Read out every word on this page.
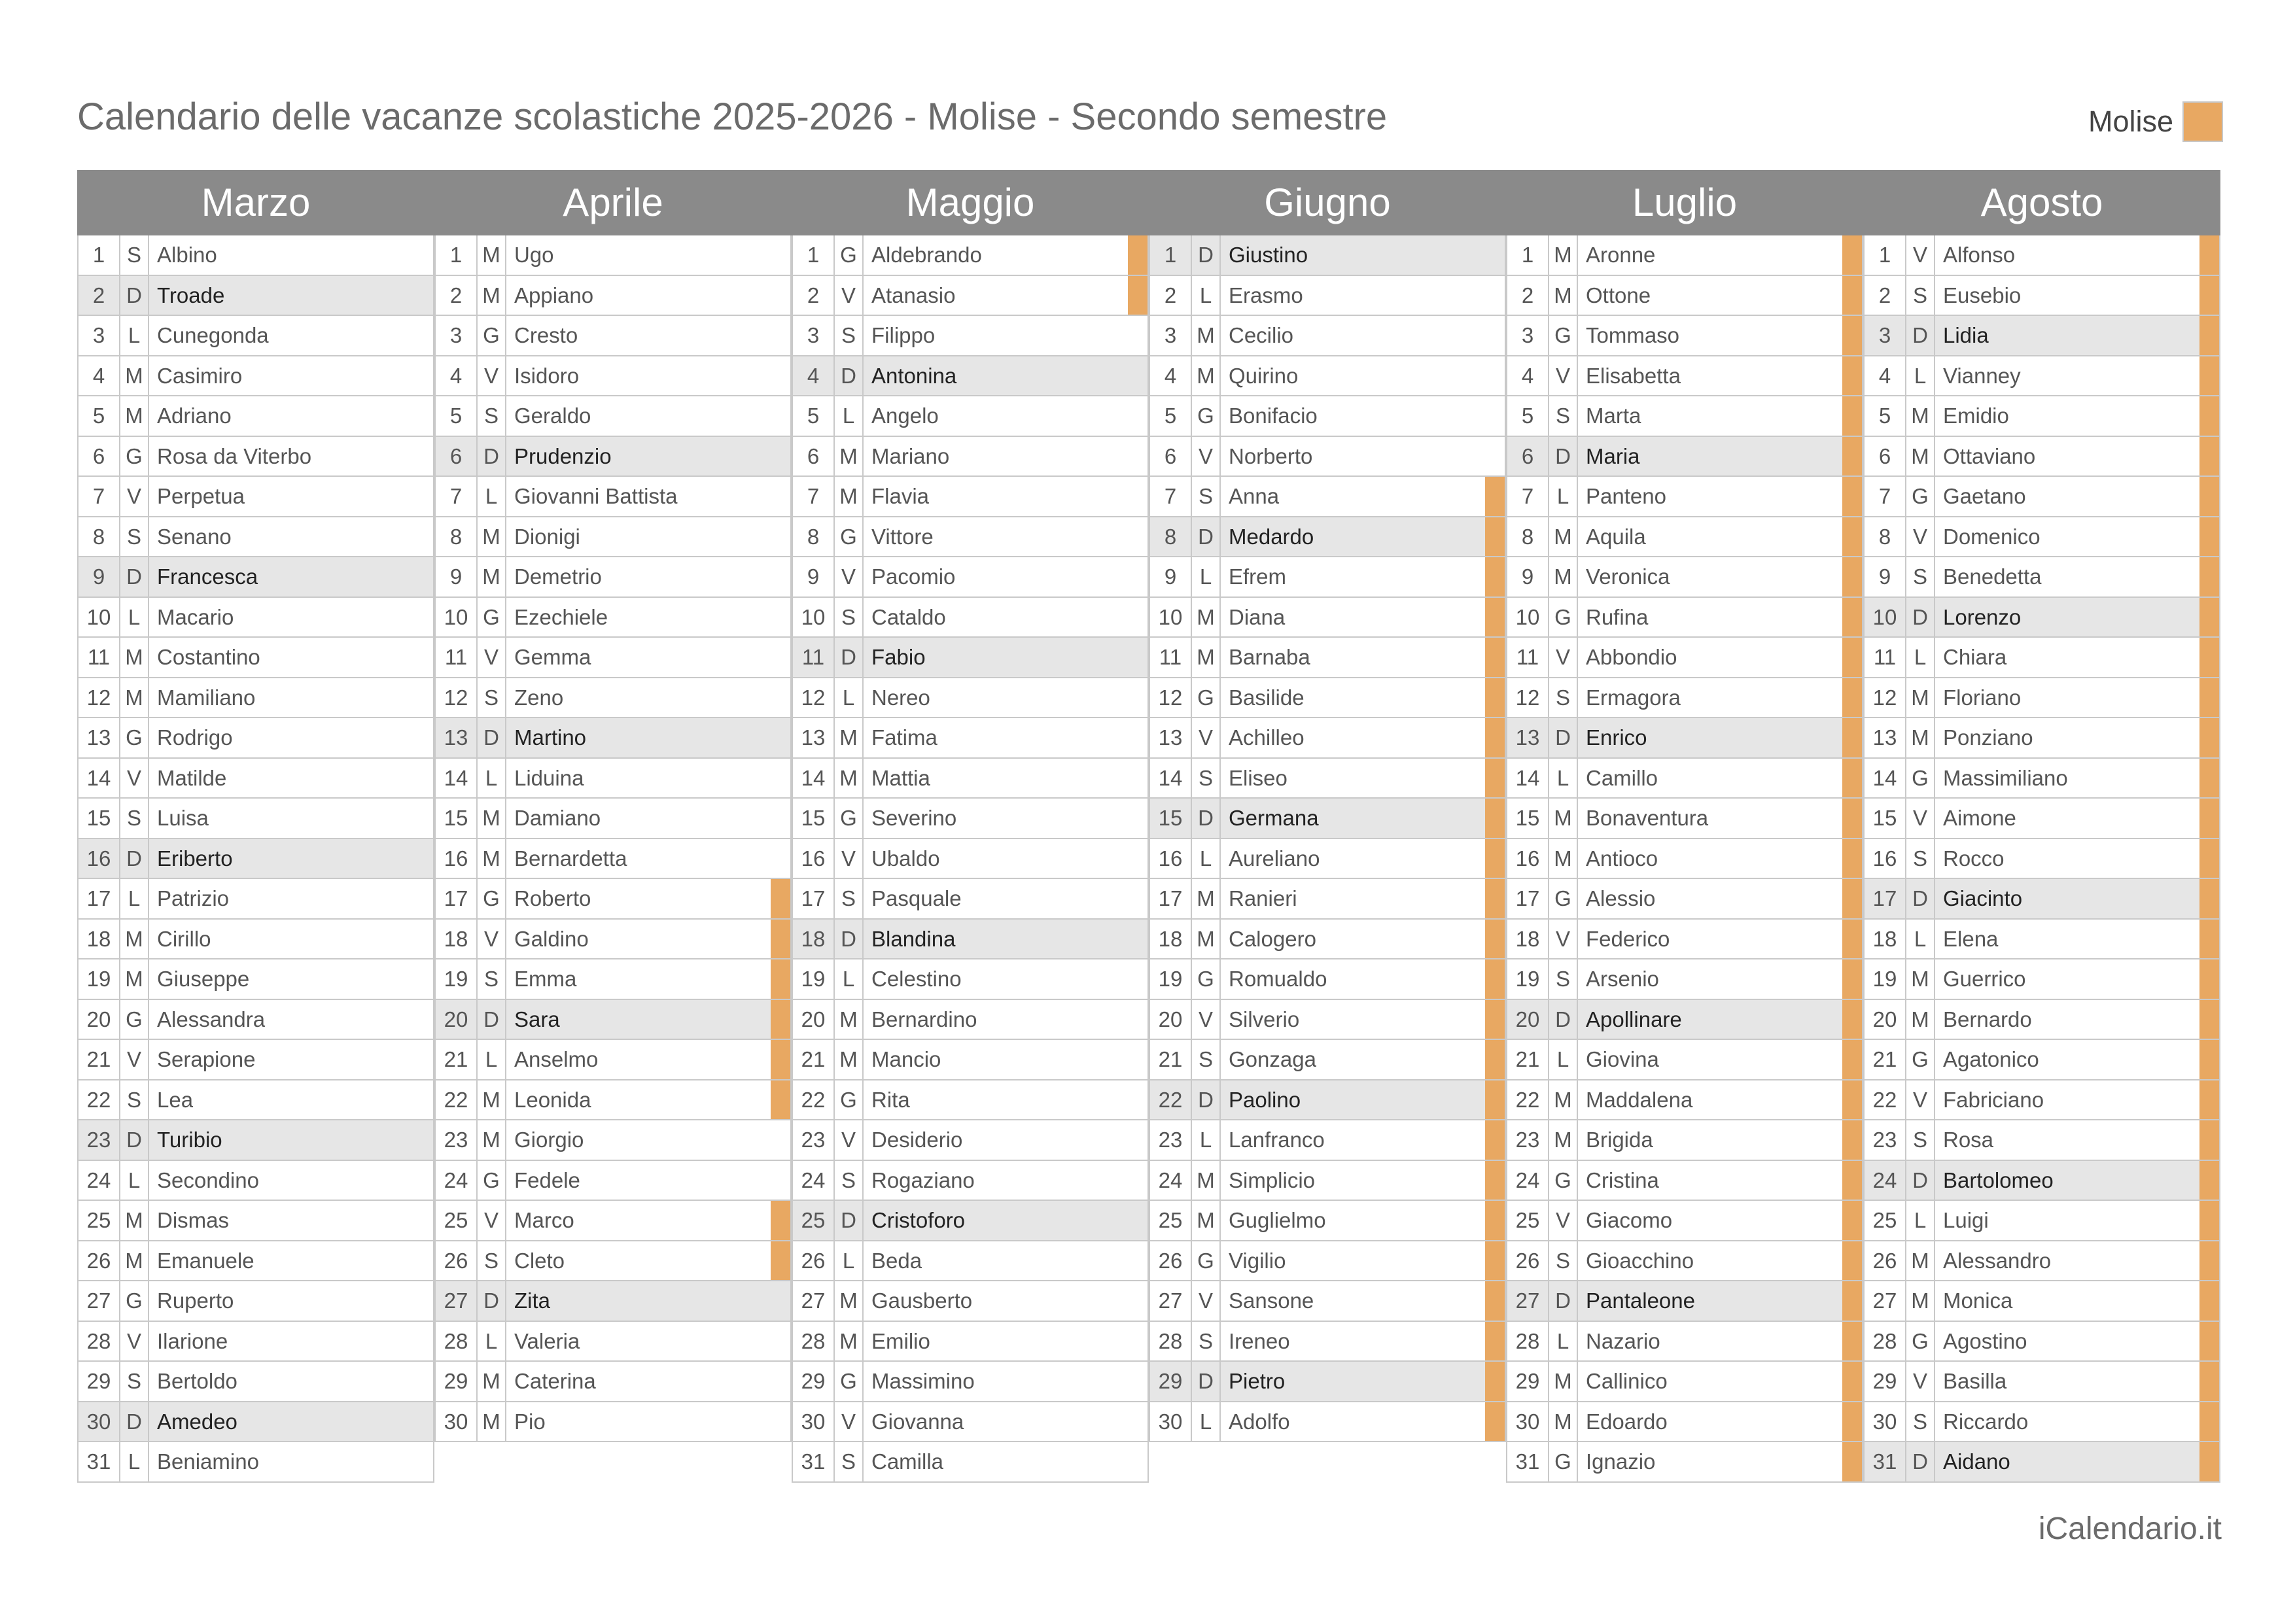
Calendario delle vacanze scolastiche 2025-2026 - Molise - Secondo semestre	Molise
Marzo	Aprile	Maggio	Giugno	Luglio	Agosto
1	S Albino
2 D Troade
3	L Cunegonda
4 M Casimiro
5 M Adriano
6 G Rosa da Viterbo
7	V Perpetua
8	S Senano
9 D Francesca
10 L Macario
11 M Costantino
12 M Mamiliano
13 G Rodrigo
14 V Matilde
15 S Luisa
16 D Eriberto
17 L Patrizio
18 M Cirillo
19 M Giuseppe
20 G Alessandra
21 V Serapione
22 S Lea
23 D Turibio
24 L Secondino
25 M Dismas
26 M Emanuele
27 G Ruperto
28 V Ilarione
29 S Bertoldo
30 D Amedeo
31 L Beniamino
1 M Ugo
2 M Appiano
3 G Cresto
4	V Isidoro
5	S Geraldo
6 D Prudenzio
7	L Giovanni Battista
8 M Dionigi
9 M Demetrio
10 G Ezechiele
11 V Gemma
12 S Zeno
13 D Martino
14 L Liduina
15 M Damiano
16 M Bernardetta
17 G Roberto
18 V Galdino
19 S Emma
20 D Sara
21 L Anselmo
22 M Leonida
23 M Giorgio
24 G Fedele
25 V Marco
26 S Cleto
27 D Zita
28 L Valeria
29 M Caterina
30 M Pio
1 G Aldebrando
2	V Atanasio
3	S Filippo
4 D Antonina
5	L Angelo
6 M Mariano
7 M Flavia
8 G Vittore
9	V Pacomio
10 S Cataldo
11 D Fabio
12 L Nereo
13 M Fatima
14 M Mattia
15 G Severino
16 V Ubaldo
17 S Pasquale
18 D Blandina
19 L Celestino
20 M Bernardino
21 M Mancio
22 G Rita
23 V Desiderio
24 S Rogaziano
25 D Cristoforo
26 L Beda
27 M Gausberto
28 M Emilio
29 G Massimino
30 V Giovanna
31 S Camilla
1 D Giustino
2	L Erasmo
3 M Cecilio
4 M Quirino
5 G Bonifacio
6	V Norberto
7	S Anna
8 D Medardo
9	L Efrem
10 M Diana
11 M Barnaba
12 G Basilide
13 V Achilleo
14 S Eliseo
15 D Germana
16 L Aureliano
17 M Ranieri
18 M Calogero
19 G Romualdo
20 V Silverio
21 S Gonzaga
22 D Paolino
23 L Lanfranco
24 M Simplicio
25 M Guglielmo
26 G Vigilio
27 V Sansone
28 S Ireneo
29 D Pietro
30 L Adolfo
1 M Aronne
2 M Ottone
3 G Tommaso
4	V Elisabetta
5	S Marta
6 D Maria
7	L Panteno
8 M Aquila
9 M Veronica
10 G Rufina
11 V Abbondio
12 S Ermagora
13 D Enrico
14 L Camillo
15 M Bonaventura
16 M Antioco
17 G Alessio
18 V Federico
19 S Arsenio
20 D Apollinare
21 L Giovina
22 M Maddalena
23 M Brigida
24 G Cristina
25 V Giacomo
26 S Gioacchino
27 D Pantaleone
28 L Nazario
29 M Callinico
30 M Edoardo
31 G Ignazio
1	V Alfonso
2	S Eusebio
3 D Lidia
4	L Vianney
5 M Emidio
6 M Ottaviano
7 G Gaetano
8	V Domenico
9	S Benedetta
10 D Lorenzo
11 L Chiara
12 M Floriano
13 M Ponziano
14 G Massimiliano
15 V Aimone
16 S Rocco
17 D Giacinto
18 L Elena
19 M Guerrico
20 M Bernardo
21 G Agatonico
22 V Fabriciano
23 S Rosa
24 D Bartolomeo
25 L Luigi
26 M Alessandro
27 M Monica
28 G Agostino
29 V Basilla
30 S Riccardo
31 D Aidano
iCalendario.it
